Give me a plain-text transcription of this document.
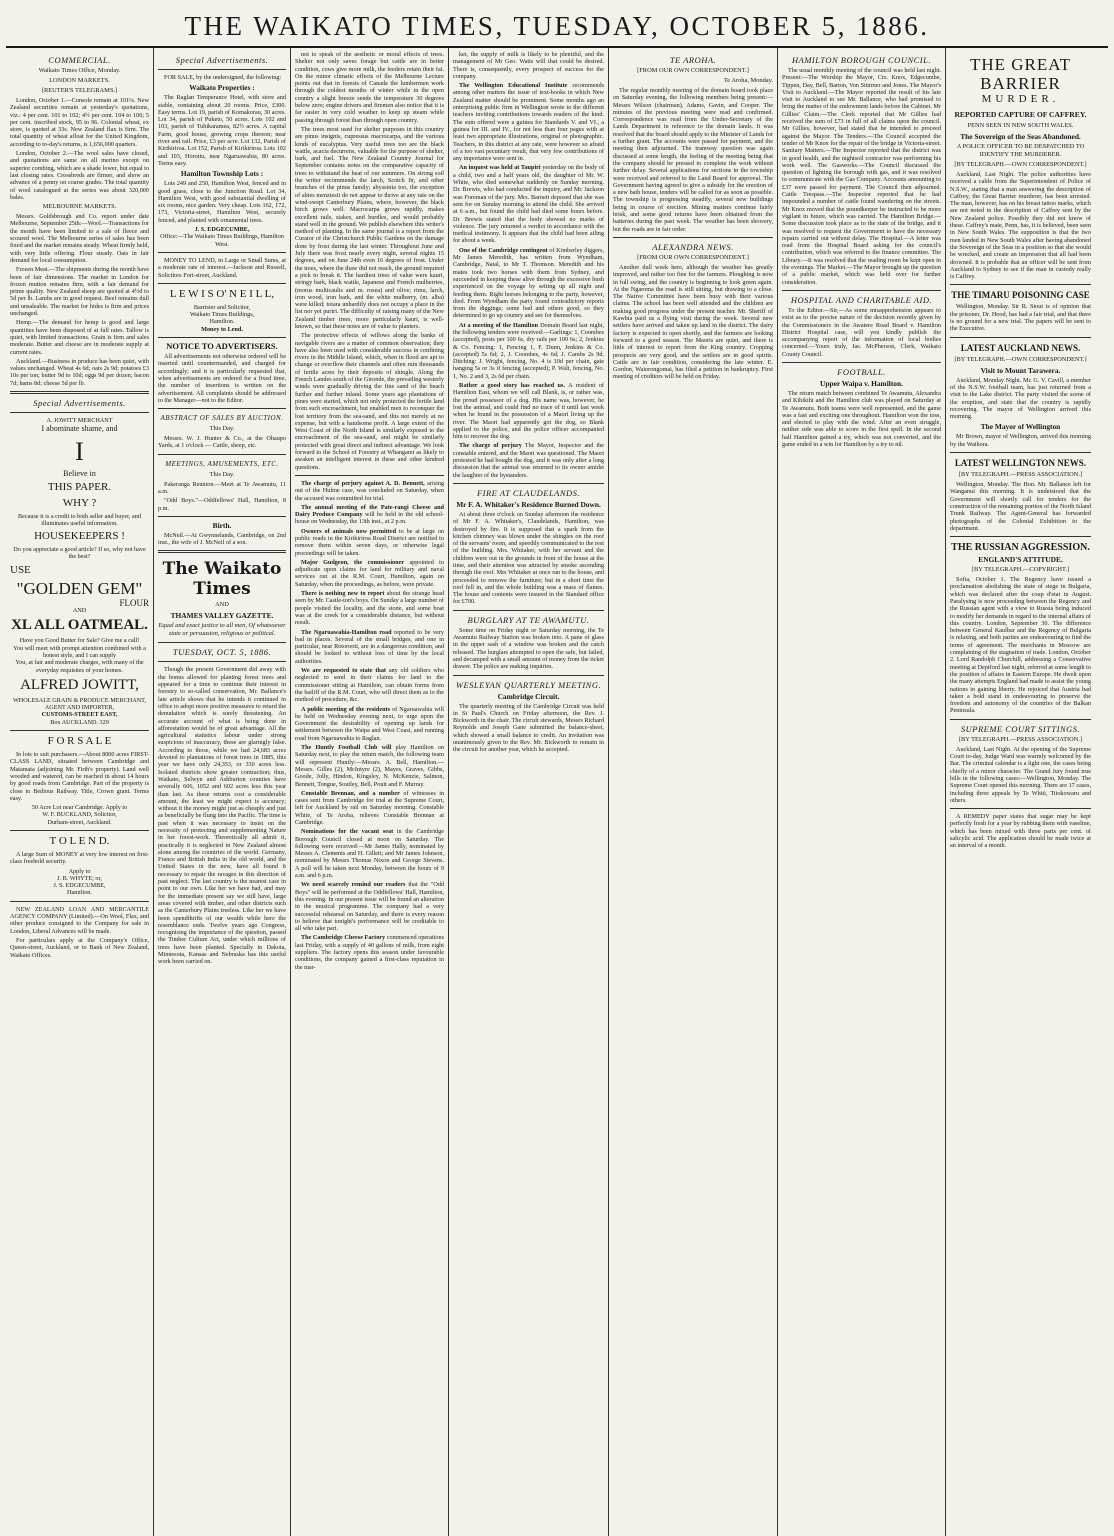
THE WAIKATO TIMES, TUESDAY, OCTOBER 5, 1886.
COMMERCIAL.
Waikato Times Office, Monday.
LONDON MARKETS.
[REUTER'S TELEGRAMS.]

London, October 1.—Console remain at 101⅛. New Zealand securities remain at yesterday's quotations, viz.: 4 per cent. 101 to 102; 4½ per cent. 104 to 106; 5 per cent. inscribed stock, 95 to 96. Colonial wheat, ex store, is quoted at 33s. New Zealand flax is firm. The total quantity of wheat afloat for the United Kingdom, according to to-day's returns, is 1,656,000 quarters.

London, October 2.—The wool sales have closed, and quotations are same on all merino except on superior combing, which are a shade lower, but equal to last closing rates. Crossbreds are firmer, and show an advance of a penny on coarse grades. The total quantity of wool catalogued at the series was about 320,000 bales.

MELBOURNE MARKETS.

Messrs. Goldsbrough and Co. report under date Melbourne, September 25th:—Wool.—Transactions for the month have been limited to a sale of fleece and scoured wool. The Melbourne series of sales has been fixed and the market remains steady. Wheat firmly held, with very little offering. Flour steady. Oats in fair demand for local consumption.

Frozen Meat.—The shipments during the month have been of fair dimensions. The market in London for frozen mutton remains firm, with a fair demand for prime quality. New Zealand sheep are quoted at 4½d to 5d per lb. Lambs are in good request. Beef remains dull and unsaleable. The market for hides is firm and prices unchanged.

Hemp.—The demand for hemp is good and large quantities have been disposed of at full rates. Tallow is quiet, with limited transactions. Grain is firm and sales moderate. Butter and cheese are in moderate supply at current rates.

Auckland.—Business in produce has been quiet, with values unchanged. Wheat 4s 6d; oats 2s 9d; potatoes £3 10s per ton; butter 9d to 10d; eggs 9d per dozen; bacon 7d; hams 8d; cheese 5d per lb.

Special Advertisements.
A. JOWITT MERCHANT
I abominate shame, and
I
Believe in
THIS PAPER.
WHY ?
Because it is a credit to both seller and buyer, and illuminates useful information.
HOUSEKEEPERS !
Do you appreciate a good article? If so, why not have the best?
USE
"GOLDEN GEM"
FLOUR
AND
XL ALL OATMEAL.
Have you Good Butter for Sale? Give me a call!
You will meet with prompt attention combined with a honest style, and I can supply
You, at fair and moderate charges, with many of the everyday requisites of your homes.
ALFRED JOWITT,
WHOLESALE GRAIN & PRODUCE MERCHANT,
AGENT AND IMPORTER,
CUSTOMS-STREET EAST,
Box AUCKLAND. 329
F O R S A L E

In lots to suit purchasers.—About 8000 acres FIRST-CLASS LAND, situated between Cambridge and Matamata (adjoining Mr. Firth's property). Land well wooded and watered, can be reached in about 14 hours by good roads from Cambridge. Part of the property is close to Bedious Railway. Title, Crown grant. Terms easy.

50 Acre Lot near Cambridge. Apply to
W. F. BUCKLAND, Solicitor,
Durham-street, Auckland.
T O L E N D.

A large Sum of MONEY at very low interest on first-class freehold security.

Apply to
J. B. WHYTE; or,
J. S. EDGECUMBE,
Hamilton.

NEW ZEALAND LOAN AND MERCANTILE AGENCY COMPANY (Limited).—On Wool, Flax, and other produce consigned to the Company for sale in London, Liberal Advances will be made.

For particulars apply at the Company's Office, Queen-street, Auckland, or to Bank of New Zealand, Waikato Offices.

Special Advertisements.

FOR SALE, by the undersigned, the following:

Waikato Properties :

The Raglan Temperance Hotel, with store and stable, containing about 20 rooms. Price, £300. Easy terms. Lot 19, parish of Komakorau, 30 acres. Lot 34, parish of Puketo, 50 acres. Lots 102 and 103, parish of Tuhikaramea, 82½ acres. A capital Farm, good house, growing crops thereon; near river and rail. Price, £3 per acre. Lot 132, Parish of Kirikiriroa. Lot 152, Parish of Kirikiriroa. Lots 102 and 103, Horotiu, near Ngaruawahia, 80 acres. Terms easy.

Hamilton Township Lots :

Lots 249 and 250, Hamilton West, fenced and in good grass, close to the Junction Road. Lot 34, Hamilton West, with good substantial dwelling of six rooms, nice garden. Very cheap. Lots 162, 172, 173, Victoria-street, Hamilton West, securely fenced, and planted with ornamental trees.

J. S. EDGECUMBE,
Office:—The Waikato Times Buildings, Hamilton West.

MONEY TO LEND, in Large or Small Sums, at a moderate rate of interest.—Jackson and Russell, Solicitors Fort-street, Auckland.

L E W I S O' N E I L L,
Barrister and Solicitor,
Waikato Times Buildings,
Hamilton.
Money to Lend.
NOTICE TO ADVERTISERS.

All advertisements not otherwise ordered will be inserted until countermanded, and charged for accordingly; and it is particularly requested that, when advertisements are ordered for a fixed time, the number of insertions is written on the advertisement. All complaints should be addressed to the Manager—not to the Editor.

ABSTRACT OF SALES BY AUCTION.
This Day.

Messrs. W. J. Hunter & Co., at the Ohaupo Yards, at 1 o'clock — Cattle, sheep, etc.

MEETINGS, AMUSEMENTS, ETC.
This Day.

Pakeranga Reunion.—Meet at Te Awamutu, 11 a.m.

"Odd Boys."—Oddfellows' Hall, Hamilton, 8 p.m.

Birth.

McNeil.—At Gwynnelands, Cambridge, on 2nd inst., the wife of J. McNeil of a son.

The Waikato Times
AND
THAMES VALLEY GAZETTE.
Equal and exact justice to all men, Of whatsoever state or persuasion, religious or political.
TUESDAY, OCT. 5, 1886.

Though the present Government did away with the bonus allowed for planting forest trees and appeared for a time to continue their interest in forestry to so-called conservation, Mr. Ballance's late article shows that he intends it continued in office to adopt more positive measures to retard the denudation which is surely threatening. An accurate account of what is being done in afforestation would be of great advantage. All the agricultural statistics labour under strong suspicions of inaccuracy, these are glaringly false. According to those, while we had 24,683 acres devoted to plantations of forest trees in 1885, this year we have only 24,353, or 330 acres less. Isolated districts show greater contraction; thus, Waikato, Selwyn and Ashburton counties have severally 606, 1052 and 602 acres less this year than last. As these returns cost a considerable amount, the least we might expect is accuracy; without it the money might just as cheaply and just as beneficially be flung into the Pacific. The time is past when it was necessary to insist on the necessity of protecting and supplementing Nature in her forest-work. Theoretically all admit it, practically it is neglected in New Zealand almost alone among the countries of the world. Germany, France and British India in the old world, and the United States in the new, have all found it necessary to repair the ravages in this direction of past neglect. The last country is the nearest case in point to our own. Like her we have had, and may for the immediate present say we still have, large areas covered with timber, and other districts such as the Canterbury Plains treeless. Like her we have been spendthrifts of our wealth while here the resemblance ends. Twelve years ago Congress, recognising the importance of the question, passed the Timber Culture Act, under which millions of trees have been planted. Specially in Dakota, Minnesota, Kansas and Nebraska has this useful work been carried on.

not to speak of the aesthetic or moral effects of trees. Shelter not only saves forage but cattle are in better condition, cows give more milk, the feeders retain their fat. On the minor climatic effects of the Melbourne Lecture points out that in forests of Canada the lumbermen work through the coldest months of winter while in the open country a slight breeze sends the temperature 30 degrees below zero; engine drivers and firemen also notice that it is far easier in very cold weather to keep up steam while passing through forest than through open country.

The trees most used for shelter purposes in this country are pinus insignis, cupressus macrocarpa, and the various kinds of eucalyptus. Very useful trees too are the black wattle, acacia decurrens, valuable for the purpose of shelter, bark, and fuel. The New Zealand Country Journal for September contains notes on the comparative capacity of trees to withstand the heat of our summers. On strong soil the writer recommends the larch, Scotch fir, and other branches of the pinus family; abyssinia too, the exception of abies menziesii do not appear to thrive at any rate on the wind-swept Canterbury Plains, where, however, the black birch grows well. Macrocarpa grows rapidly, makes excellent rails, stakes, and hurdles, and would probably stand well in the ground. We publish elsewhere this writer's method of planting. In the same journal is a report from the Curator of the Christchurch Public Gardens on the damage done by frost during the last winter. Throughout June and July there was frost nearly every night, several nights 15 degrees, and on June 24th even 16 degrees of frost. Under the trees, where the thaw did not reach, the ground required a pick to break it. The hardiest trees of value were kauri, stringy bark, black wattle, Japanese and French mulberries, (morus multicaulis and m. rosea) and olive; rimu, larch, iron wood, iron bark, and the white mulberry, (m. alba) were killed; totara unhardily does not occupy a place in the list nor yet puriri. The difficulty of raising many of the New Zealand timber trees, more particularly kauri, is well-known, so that these notes are of value to planters.

The protective effects of willows along the banks of navigable rivers are a matter of common observation; they have also been used with considerable success in confining rivers in the Middle Island, which, when in flood are apt to change or overflow their channels and often ruin thousands of fertile acres by their deposits of shingle. Along the French Landes south of the Gironde, the prevailing westerly winds were gradually driving the fine sand of the beach further and further inland. Some years ago plantations of pines were started, which not only protected the fertile land from such encroachment, but enabled men to reconquer the lost territory from the sea-sand, and this not merely at no expense, but with a handsome profit. A large extent of the West Coast of the North Island is similarly exposed to the encroachment of the sea-sand, and might be similarly protected with great direct and indirect advantage. We look forward to the School of Forestry at Whangarei as likely to awaken an intelligent interest in these and other kindred questions.

The charge of perjury against A. D. Bennett, arising out of the Hulme case, was concluded on Saturday, when the accused was committed for trial.

The annual meeting of the Pate-rangi Cheese and Dairy Produce Company will be held in the old school-house on Wednesday, the 13th inst., at 2 p.m.

Owners of animals now permitted to be at large on public roads in the Kirikiriroa Road District are notified to remove them within seven days, or otherwise legal proceedings will be taken.

Major Gudgeon, the commissioner appointed to adjudicate upon claims for land for military and naval services out at the R.M. Court, Hamilton, again on Saturday, when the proceedings, as before, were private.

There is nothing new to report about the strange head seen by Mr. Castle-ton's boys. On Sunday a large number of people visited the locality, and the stone, and some boat was at the creek for a considerable distance, but without result.

The Ngaruawahia-Hamilton road reported to be very bad in places. Several of the small bridges, and one in particular, near Rotorooti, are in a dangerous condition, and should be looked to without loss of time by the local authorities.

We are requested to state that any old soldiers who neglected to send in their claims for land to the commissioner sitting at Hamilton, can obtain forms from the bailiff of the R.M. Court, who will direct them as to the method of procedure, &c.

A public meeting of the residents of Ngaruawahia will be held on Wednesday evening next, to urge upon the Government the desirability of opening up lands for settlement between the Waipa and West Coast, and running road from Ngaruawahia to Raglan.

The Huntly Football Club will play Hamilton on Saturday next, to play the return match, the following team will represent Huntly:—Messrs. A. Bell, Hamilton.—Messrs. Gilles (2), McIntyre (2), Mayes, Graves, Gibbs, Goode, Jolly, Hindon, Kingsley, N. McKenzie, Salmon, Bennett, Tongue, Soutley, Bell, Pouit and F. Murray.

Constable Brennan, and a number of witnesses in cases sent from Cambridge for trial at the Supreme Court, left for Auckland by rail on Saturday morning. Constable White, of Te Aroha, relieves Constable Brennan at Cambridge.

Nominations for the vacant seat in the Cambridge Borough Council closed at noon on Saturday. The following were received:—Mr James Hally, nominated by Messrs A. Clements and H. Gillett; and Mr James Johnson, nominated by Messrs Thomas Nixon and George Stevens. A poll will be taken next Monday, between the hours of 9 a.m. and 6 p.m.

We need scarcely remind our readers that the "Odd Boys" will be performed at the Oddfellows' Hall, Hamilton, this evening. In our present issue will be found an alteration in the musical programme. The company had a very successful rehearsal on Saturday, and there is every reason to believe that tonight's performance will be creditable to all who take part.

The Cambridge Cheese Factory commenced operations last Friday, with a supply of 40 gallons of milk, from eight suppliers. The factory opens this season under favourable conditions, the company gained a first-class reputation in the mar-

ket, the supply of milk is likely to be plentiful, and the management of Mr Geo. Watts will that could be desired. There is, consequently, every prospect of success for the company.

The Wellington Educational Institute recommends among other matters the issue of text-books in which New Zealand matter should be prominent. Some months ago an enterprising public firm in Wellington wrote to the different teachers inviting contributions towards readers of the kind. The sum offered were a guinea for Standards V. and VI., a guinea for III. and IV., for not less than four pages with at least two appropriate illustrations, original or photographic. Teachers, in this district at any rate, were however so afraid of a too vast pecuniary result, that very few contributions of any importance were sent in.

An inquest was held at Taupiri yesterday on the body of a child, two and a half years old, the daughter of Mr. W. White, who died somewhat suddenly on Sunday morning. Dr. Brewis, who had conducted the inquiry, and Mr. Jackson was Foreman of the jury. Mrs. Barnett deposed that she was sent for on Sunday morning to attend the child. She arrived at 6 a.m., but found the child had died some hours before. Dr. Brewis stated that the body showed no marks of violence. The jury returned a verdict in accordance with the medical testimony. It appears that the child had been ailing for about a week.

One of the Cambridge contingent of Kimberley diggers, Mr James Meredith, has written from Wyndham, Cambridge, Natal, to Mr T. Thomson. Meredith and his mates took two horses with them from Sydney, and succeeded in keeping these alive through the excessive bush experienced on the voyage by setting up all night and feeding them. Right horses belonging to the party, however, died. From Wyndham the party found contradictory reports from the diggings; some bad and others good, so they determined to go up country and see for themselves.

At a meeting of the Hamilton Domain Board last night, the following tenders were received:—Garlings: 1, Coombes (accepted), posts per 100 6s, dry rails per 100 6s; 2, Jenkins & Co. Fencing: 1, Fencing 1, F. Dunn, Jenkins & Co. (accepted) 5s 6d; 2, J. Coombes, 4s 6d; J. Cambs 2s 9d. Ditching: J. Wright, fencing, No. 4 is 10d per chain, gate hanging 5s or 3s if fencing (accepted); P. Walt, fencing, No. 1, No. 2 and 3, 2s 6d per chain.

Rather a good story has reached us. A resident of Hamilton East, whom we will call Blank, is, or rather was, the proud possessor of a dog. His name was, however, he lost the animal, and could find no trace of it until last week when he found in the possession of a Maori living up the river. The Maori had apparently got the dog, so Blank applied to the police, and the police officer accompanied him to recover the dog.

The charge of perjury The Mayor, Inspector and the constable entered, and the Maori was questioned. The Maori protested he had bought the dog, and it was only after a long discussion that the animal was returned to its owner amidst the laughter of the bystanders.

FIRE AT CLAUDELANDS.
Mr F. A. Whitaker's Residence Burned Down.

At about three o'clock on Sunday afternoon the residence of Mr F. A. Whitaker's, Claudelands, Hamilton, was destroyed by fire. It is supposed that a spark from the kitchen chimney was blown under the shingles on the roof of the servants' room, and speedily communicated to the rest of the building. Mrs. Whitaker, with her servant and the children were out in the grounds in front of the house at the time, and their attention was attracted by smoke ascending through the roof. Mrs Whitaker at once ran to the house, and proceeded to remove the furniture; but in a short time the roof fell in, and the whole building was a mass of flames. The house and contents were insured in the Standard office for £700.

BURGLARY AT TE AWAMUTU.

Some time on Friday night or Saturday morning, the Te Awamutu Railway Station was broken into. A pane of glass in the upper sash of a window was broken and the catch released. The burglars attempted to open the safe, but failed, and decamped with a small amount of money from the ticket drawer. The police are making inquiries.

WESLEYAN QUARTERLY MEETING.
Cambridge Circuit.

The quarterly meeting of the Cambridge Circuit was held in St Paul's Church on Friday afternoon, the Rev. J. Bickworth in the chair. The circuit stewards, Messrs Richard Reynolds and Joseph Gane submitted the balance-sheet, which showed a small balance to credit. An invitation was unanimously given to the Rev. Mr. Bickworth to remain in the circuit for another year, which he accepted.

TE AROHA.
[FROM OUR OWN CORRESPONDENT.]
Te Aroha, Monday.

The regular monthly meeting of the domain board took place on Saturday evening, the following members being present:—Messrs Wilson (chairman), Adams, Gavin, and Cooper. The minutes of the previous meeting were read and confirmed. Correspondence was read from the Under-Secretary of the Lands Department in reference to the domain lands. It was resolved that the board should apply to the Minister of Lands for a further grant. The accounts were passed for payment, and the meeting then adjourned. The tramway question was again discussed at some length, the feeling of the meeting being that the company should be pressed to complete the work without further delay. Several applications for sections in the township were received and referred to the Land Board for approval. The Government having agreed to give a subsidy for the erection of a new bath house, tenders will be called for as soon as possible. The township is progressing steadily, several new buildings being in course of erection. Mining matters continue fairly brisk, and some good returns have been obtained from the batteries during the past week. The weather has been showery, but the roads are in fair order.

ALEXANDRA NEWS.
[FROM OUR OWN CORRESPONDENT.]

Another dull week here, although the weather has greatly improved, and rather too fine for the farmers. Ploughing is now in full swing, and the country is beginning to look green again. At the Ngaroma the road is still sitting, but drawing to a close. The Native Committee have been busy with their various claims. The school has been well attended and the children are making good progress under the present teacher. Mr. Sheriff of Kawhia paid us a flying visit during the week. Several new settlers have arrived and taken up land in the district. The dairy factory is expected to open shortly, and the farmers are looking forward to a good season. The Maoris are quiet, and there is little of interest to report from the King country. Cropping prospects are very good, and the settlers are in good spirits. Cattle are in fair condition, considering the late winter. E. Gordon, Waiorongomai, has filed a petition in bankruptcy. First meeting of creditors will be held on Friday.

HAMILTON BOROUGH COUNCIL.

The usual monthly meeting of the council was held last night. Present:—The Worship the Mayor, Crs. Knox, Edgecumbe, Tippen, Day, Bell, Barton, Von Stürmer and Jones. The Mayor's Visit to Auckland.—The Mayor reported the result of his late visit to Auckland to see Mr. Ballance, who had promised to bring the matter of the endowment lands before the Cabinet. Mr Gillies' Claim.—The Clerk reported that Mr Gillies had received the sum of £73 in full of all claims upon the council. Mr Gillies, however, had stated that he intended to proceed against the Mayor. The Tenders.—The Council accepted the tender of Mr Knox for the repair of the bridge in Victoria-street. Sanitary Matters.—The Inspector reported that the district was in good health, and the nightsoil contractor was performing his work well. The Gasworks.—The Council discussed the question of lighting the borough with gas, and it was resolved to communicate with the Gas Company. Accounts amounting to £37 were passed for payment. The Council then adjourned. Cattle Trespass.—The Inspector reported that he had impounded a number of cattle found wandering on the streets. Mr Knox moved that the poundkeeper be instructed to be more vigilant in future, which was carried. The Hamilton Bridge.—Some discussion took place as to the state of the bridge, and it was resolved to request the Government to have the necessary repairs carried out without delay. The Hospital.—A letter was read from the Hospital Board asking for the council's contribution, which was referred to the finance committee. The Library.—It was resolved that the reading room be kept open in the evenings. The Market.—The Mayor brought up the question of a public market, which was held over for further consideration.

HOSPITAL AND CHARITABLE AID.

To the Editor.—Sir,—As some misapprehension appears to exist as to the precise nature of the decision recently given by the Commissioners in the Awatere Road Board v. Hamilton District Hospital case, will you kindly publish the accompanying report of the information of local bodies concerned.—Yours truly, Jas. McPherson, Clerk, Waikato County Council.

FOOTBALL.
Upper Waipa v. Hamilton.

The return match between combined Te Awamutu, Alexandra and Kihikihi and the Hamilton club was played on Saturday at Te Awamutu. Both teams were well represented, and the game was a fast and exciting one throughout. Hamilton won the toss, and elected to play with the wind. After an even struggle, neither side was able to score in the first spell. In the second half Hamilton gained a try, which was not converted, and the game ended in a win for Hamilton by a try to nil.

THE GREAT BARRIER
MURDER.
REPORTED CAPTURE OF CAFFREY.
PENN SEEN IN NEW SOUTH WALES.
The Sovereign of the Seas Abandoned.
A POLICE OFFICER TO BE DESPATCHED TO IDENTIFY THE MURDERER.
[BY TELEGRAPH.—OWN CORRESPONDENT.]

Auckland, Last Night. The police authorities have received a cable from the Superintendent of Police of N.S.W., stating that a man answering the description of Caffrey, the Great Barrier murderer, has been arrested. The man, however, has on his breast tattoo marks, which are not noted in the description of Caffrey sent by the New Zealand police. Possibly they did not know of these. Caffrey's mate, Penn, has, it is believed, been seen in New South Wales. The supposition is that the two men landed in New South Wales after having abandoned the Sovereign of the Seas in a position so that she would be wrecked, and create an impression that all had been drowned. It is probable that an officer will be sent from Auckland to Sydney to see if the man in custody really is Caffrey.

THE TIMARU POISONING CASE

Wellington, Monday. Sir R. Stout is of opinion that the prisoner, Dr. Hood, has had a fair trial, and that there is no ground for a new trial. The papers will be sent to the Executive.

LATEST AUCKLAND NEWS.
[BY TELEGRAPH.—OWN CORRESPONDENT.]
Visit to Mount Tarawera.

Auckland, Monday Night. Mr. G. V. Cavill, a member of the N.S.W. football team, has just returned from a visit to the Lake district. The party visited the scene of the eruption, and state that the country is rapidly recovering. The mayor of Wellington arrived this morning.

The Mayor of Wellington

Mr Brown, mayor of Wellington, arrived this morning by the Waihora.

LATEST WELLINGTON NEWS.
[BY TELEGRAPH.—PRESS ASSOCIATION.]

Wellington, Monday. The Hon. Mr. Ballance left for Wanganui this morning. It is understood that the Government will shortly call for tenders for the construction of the remaining portion of the North Island Trunk Railway. The Agent-General has forwarded photographs of the Colonial Exhibition to the department.

THE RUSSIAN AGGRESSION.
ENGLAND'S ATTITUDE.
[BY TELEGRAPH.—COPYRIGHT.]

Sofia, October 1. The Regency have issued a proclamation abolishing the state of siege in Bulgaria, which was declared after the coup d'etat in August. Paralysing is now proceeding between the Regency and the Russian agent with a view to Russia being induced to modify her demands in regard to the internal affairs of this country. London, September 30. The difference between General Kaulbar and the Regency of Bulgaria is relaxing, and both parties are endeavouring to find the terms of agreement. The merchants in Moscow are complaining of the stagnation of trade. London, October 2. Lord Randolph Churchill, addressing a Conservative meeting at Deptford last night, referred at some length to the position of affairs in Eastern Europe. He dwelt upon the many attempts England had made to assist the young nations in gaining liberty. He rejoiced that Austria had taken a bold stand in endeavouring to preserve the freedom and autonomy of the countries of the Balkan Peninsula.

SUPREME COURT SITTINGS.
[BY TELEGRAPH.—PRESS ASSOCIATION.]

Auckland, Last Night. At the opening of the Supreme Court to-day, Judge Ward was warmly welcomed by the Bar. The criminal calendar is a light one, the cases being chiefly of a minor character. The Grand Jury found true bills in the following cases:—Wellington, Monday. The Supreme Court opened this morning. There are 17 cases, including three appeals by Te Whiti, Titokowaru and others.

A REMEDY paper states that sugar may be kept perfectly fresh for a year by rubbing them with vaseline, which has been mixed with three parts per cent. of salicylic acid. The application should be made twice at an interval of a month.
